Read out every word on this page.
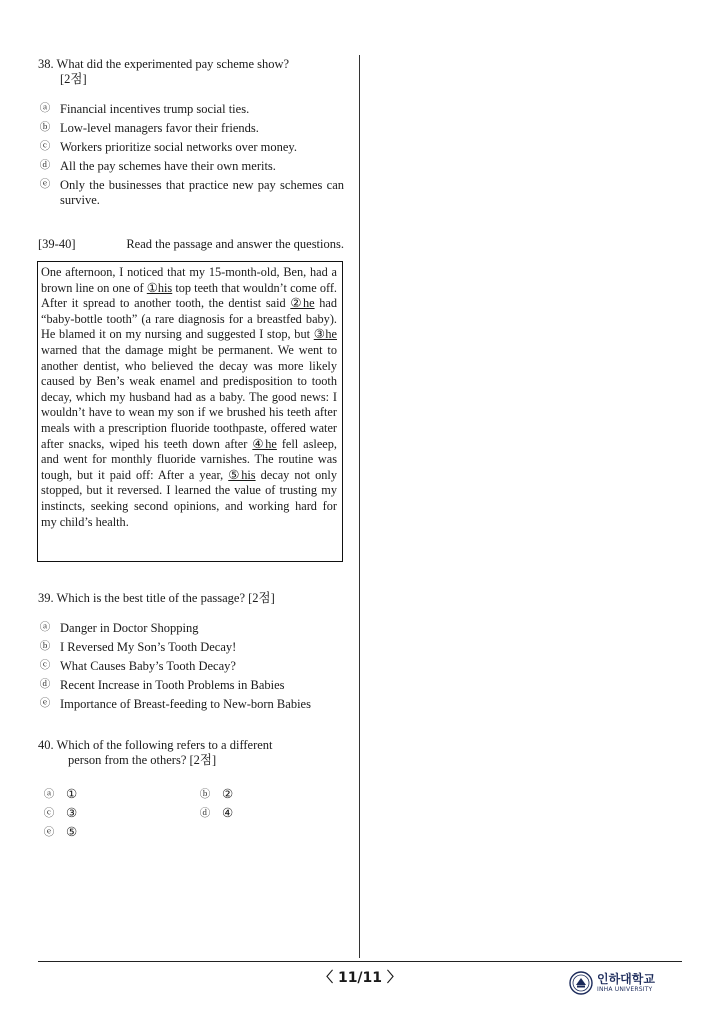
38. What did the experimented pay scheme show?

[2점]

ⓐ Financial incentives trump social ties.
ⓑ Low-level managers favor their friends.
ⓒ Workers prioritize social networks over money.
ⓓ All the pay schemes have their own merits.
ⓔ Only the businesses that practice new pay schemes can survive.
[39-40]	Read the passage and answer the questions.
One afternoon, I noticed that my 15-month-old, Ben, had a brown line on one of ①his top teeth that wouldn’t come off. After it spread to another tooth, the dentist said ②he had “baby-bottle tooth” (a rare diagnosis for a breastfed baby). He blamed it on my nursing and suggested I stop, but ③he warned that the damage might be permanent. We went to another dentist, who believed the decay was more likely caused by Ben’s weak enamel and predisposition to tooth decay, which my husband had as a baby. The good news: I wouldn’t have to wean my son if we brushed his teeth after meals with a prescription fluoride toothpaste, offered water after snacks, wiped his teeth down after ④he fell asleep, and went for monthly fluoride varnishes. The routine was tough, but it paid off: After a year, ⑤his decay not only stopped, but it reversed. I learned the value of trusting my instincts, seeking second opinions, and working hard for my child’s health.

39. Which is the best title of the passage? [2점]

ⓐ Danger in Doctor Shopping
ⓑ I Reversed My Son’s Tooth Decay!
ⓒ What Causes Baby’s Tooth Decay?
ⓓ Recent Increase in Tooth Problems in Babies
ⓔ Importance of Breast-feeding to New-born Babies

40. Which of the following refers to a different

person from the others? [2점]

ⓐ ①	ⓑ ②
ⓒ ③	ⓓ ④
ⓔ ⑤
〈 11/11 〉	인하대학교
INHA UNIVERSITY
